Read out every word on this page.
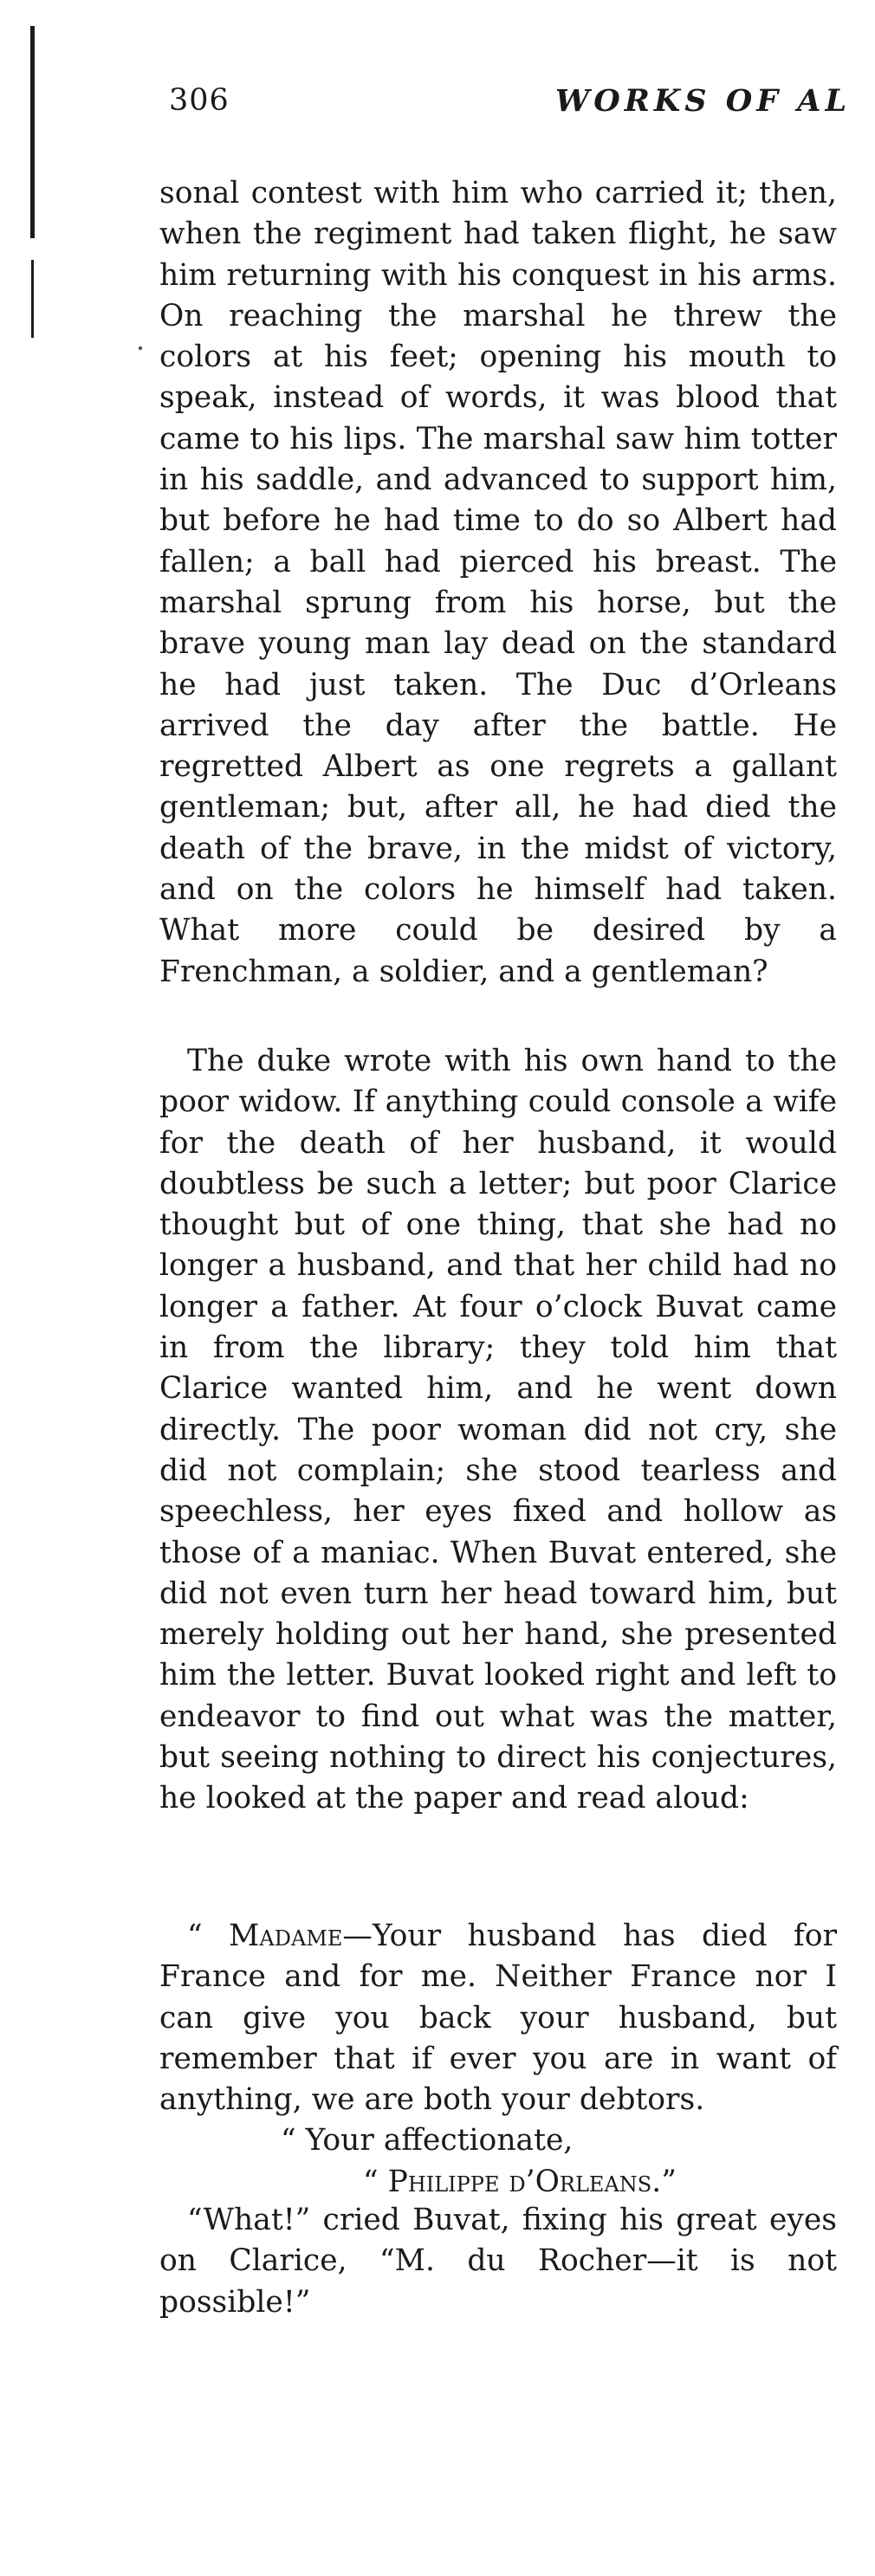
306	WORKS OF AL

sonal contest with him who carried it; then, when the regiment had taken flight, he saw him returning with his conquest in his arms. On reaching the marshal he threw the colors at his feet; opening his mouth to speak, instead of words, it was blood that came to his lips. The marshal saw him totter in his saddle, and advanced to support him, but before he had time to do so Albert had fallen; a ball had pierced his breast. The marshal sprung from his horse, but the brave young man lay dead on the standard he had just taken. The Duc d’Orleans arrived the day after the battle. He regretted Albert as one regrets a gallant gentleman; but, after all, he had died the death of the brave, in the midst of victory, and on the colors he himself had taken. What more could be desired by a Frenchman, a soldier, and a gentleman?

The duke wrote with his own hand to the poor widow. If anything could console a wife for the death of her husband, it would doubtless be such a letter; but poor Clarice thought but of one thing, that she had no longer a husband, and that her child had no longer a father. At four o’clock Buvat came in from the library; they told him that Clarice wanted him, and he went down directly. The poor woman did not cry, she did not complain; she stood tearless and speechless, her eyes fixed and hollow as those of a maniac. When Buvat entered, she did not even turn her head toward him, but merely holding out her hand, she presented him the letter. Buvat looked right and left to endeavor to find out what was the matter, but seeing nothing to direct his conjectures, he looked at the paper and read aloud:

“ Madame—Your husband has died for France and for me. Neither France nor I can give you back your husband, but remember that if ever you are in want of anything, we are both your debtors.

“ Your affectionate,

“ Philippe d’Orleans.”

“What!” cried Buvat, fixing his great eyes on Clarice, “M. du Rocher—it is not possible!”
